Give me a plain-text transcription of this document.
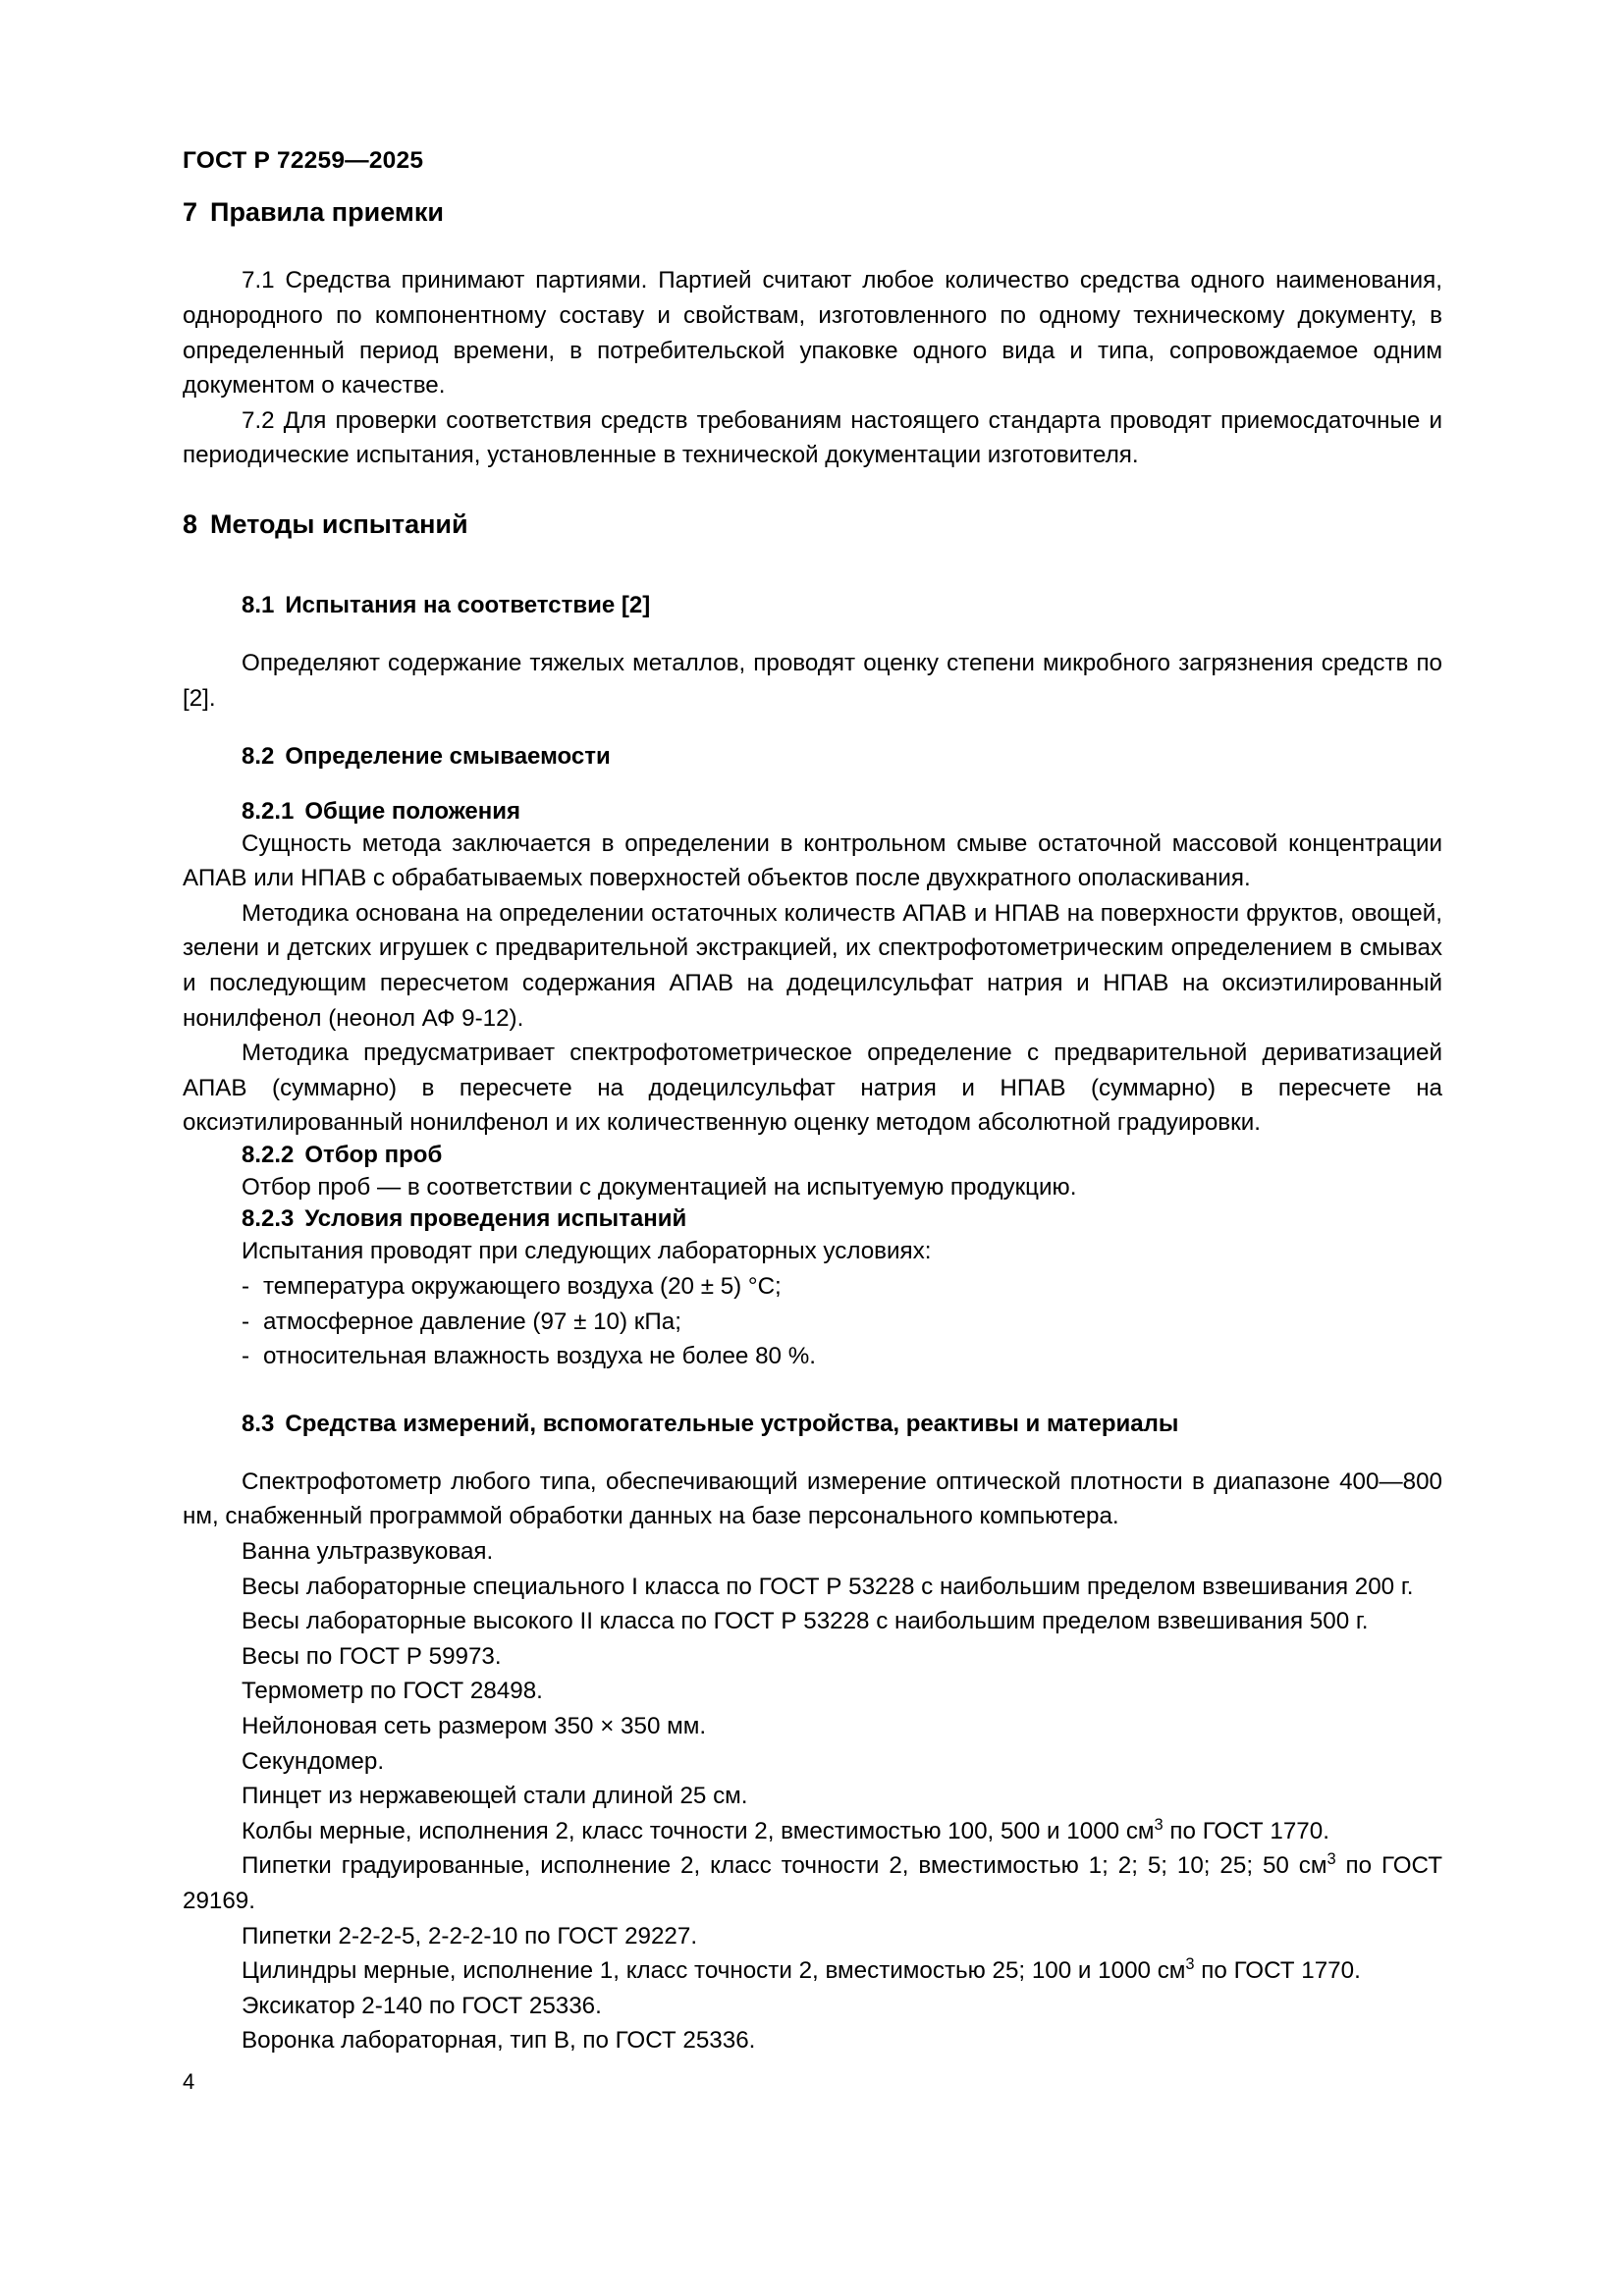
ГОСТ Р 72259—2025
7 Правила приемки

7.1 Средства принимают партиями. Партией считают любое количество средства одного наименования, однородного по компонентному составу и свойствам, изготовленного по одному техническому документу, в определенный период времени, в потребительской упаковке одного вида и типа, сопровождаемое одним документом о качестве.

7.2 Для проверки соответствия средств требованиям настоящего стандарта проводят приемосдаточные и периодические испытания, установленные в технической документации изготовителя.

8 Методы испытаний
8.1 Испытания на соответствие [2]

Определяют содержание тяжелых металлов, проводят оценку степени микробного загрязнения средств по [2].

8.2 Определение смываемости
8.2.1 Общие положения

Сущность метода заключается в определении в контрольном смыве остаточной массовой концентрации АПАВ или НПАВ с обрабатываемых поверхностей объектов после двухкратного ополаскивания.

Методика основана на определении остаточных количеств АПАВ и НПАВ на поверхности фруктов, овощей, зелени и детских игрушек с предварительной экстракцией, их спектрофотометрическим определением в смывах и последующим пересчетом содержания АПАВ на додецилсульфат натрия и НПАВ на оксиэтилированный нонилфенол (неонол АФ 9-12).

Методика предусматривает спектрофотометрическое определение с предварительной дериватизацией АПАВ (суммарно) в пересчете на додецилсульфат натрия и НПАВ (суммарно) в пересчете на оксиэтилированный нонилфенол и их количественную оценку методом абсолютной градуировки.

8.2.2 Отбор проб

Отбор проб — в соответствии с документацией на испытуемую продукцию.

8.2.3 Условия проведения испытаний

Испытания проводят при следующих лабораторных условиях:

- температура окружающего воздуха (20 ± 5) °C;
- атмосферное давление (97 ± 10) кПа;
- относительная влажность воздуха не более 80 %.
8.3 Средства измерений, вспомогательные устройства, реактивы и материалы

Спектрофотометр любого типа, обеспечивающий измерение оптической плотности в диапазоне 400—800 нм, снабженный программой обработки данных на базе персонального компьютера.

Ванна ультразвуковая.

Весы лабораторные специального I класса по ГОСТ Р 53228 с наибольшим пределом взвешивания 200 г.

Весы лабораторные высокого II класса по ГОСТ Р 53228 с наибольшим пределом взвешивания 500 г.

Весы по ГОСТ Р 59973.

Термометр по ГОСТ 28498.

Нейлоновая сеть размером 350 × 350 мм.

Секундомер.

Пинцет из нержавеющей стали длиной 25 см.

Колбы мерные, исполнения 2, класс точности 2, вместимостью 100, 500 и 1000 $см^3$ по ГОСТ 1770.

Пипетки градуированные, исполнение 2, класс точности 2, вместимостью 1; 2; 5; 10; 25; 50 $см^3$ по ГОСТ 29169.

Пипетки 2-2-2-5, 2-2-2-10 по ГОСТ 29227.

Цилиндры мерные, исполнение 1, класс точности 2, вместимостью 25; 100 и 1000 $см^3$ по ГОСТ 1770.

Эксикатор 2-140 по ГОСТ 25336.

Воронка лабораторная, тип В, по ГОСТ 25336.

4
